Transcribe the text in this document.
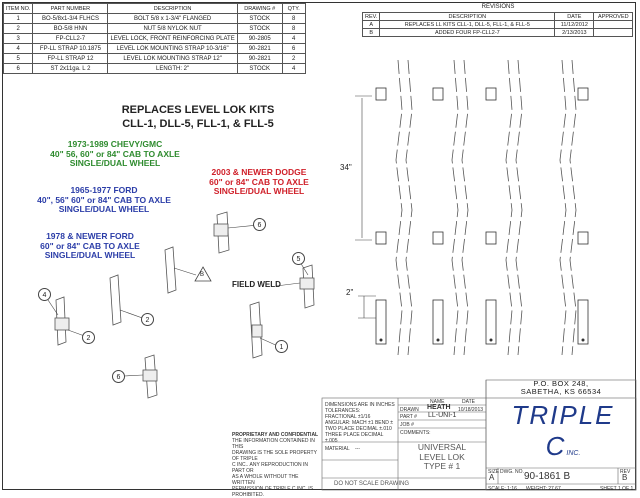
ITEM NO.	PART NUMBER	DESCRIPTION	DRAWING #	QTY.
1	BO-5/8x1-3/4 FLHCS	BOLT 5/8 x 1-3/4" FLANGED	STOCK	8
2	BO-5/8 HNN	NUT 5/8 NYLOK NUT	STOCK	8
3	FP-CLL2-7	LEVEL LOCK, FRONT REINFORCING PLATE	90-2805	4
4	FP-LL STRAP 10.1875	LEVEL LOK MOUNTING STRAP 10-3/16"	90-2821	6
5	FP-LL STRAP 12	LEVEL LOK MOUNTING STRAP 12"	90-2821	2
6	ST 2x11ga. L 2	LENGTH: 2"	STOCK	4
REVISIONS
REV.	DESCRIPTION	DATE	APPROVED
A	REPLACES LL KITS CLL-1, DLL-5, FLL-1, & FLL-5	11/12/2012	
B	ADDED FOUR FP-CLL2-7	2/13/2013	
REPLACES LEVEL LOK KITS
CLL-1, DLL-5, FLL-1, & FLL-5
1973-1989 CHEVY/GMC
40" 56, 60" or 84" CAB TO AXLE
SINGLE/DUAL WHEEL
2003 & NEWER DODGE
60" or 84" CAB TO AXLE
SINGLE/DUAL WHEEL
1965-1977 FORD
40", 56" 60" or 84" CAB TO AXLE
SINGLE/DUAL WHEEL
1978 & NEWER FORD
60" or 84" CAB TO AXLE
SINGLE/DUAL WHEEL
4
2
2
B
6
5
1
6
FIELD WELD
34"
2"
DIMENSIONS ARE IN INCHES
TOLERANCES:
FRACTIONAL ±1/16
ANGULAR: MACH ±1 BEND ±
TWO PLACE DECIMAL ±.010
THREE PLACE DECIMAL ±.005
MATERIAL ---
PROPRIETARY AND CONFIDENTIAL
THE INFORMATION CONTAINED IN THIS
DRAWING IS THE SOLE PROPERTY OF TRIPLE
C INC.. ANY REPRODUCTION IN PART OR
AS A WHOLE WITHOUT THE WRITTEN
PERMISSION OF TRIPLE C INC. IS PROHIBITED.
NAME	DATE
DRAWN HEATH 10/18/2013
PART # LL-UNI-1
JOB #
COMMENTS:
UNIVERSAL
LEVEL LOK
TYPE # 1
DO NOT SCALE DRAWING
P.O. BOX 248,
SABETHA, KS 66534
TRIPLE CINC.
SIZE
A
DWG. NO. 90-1861 B	REV
B
SCALE: 1:16 WEIGHT: 27.67	SHEET 1 OF 1
